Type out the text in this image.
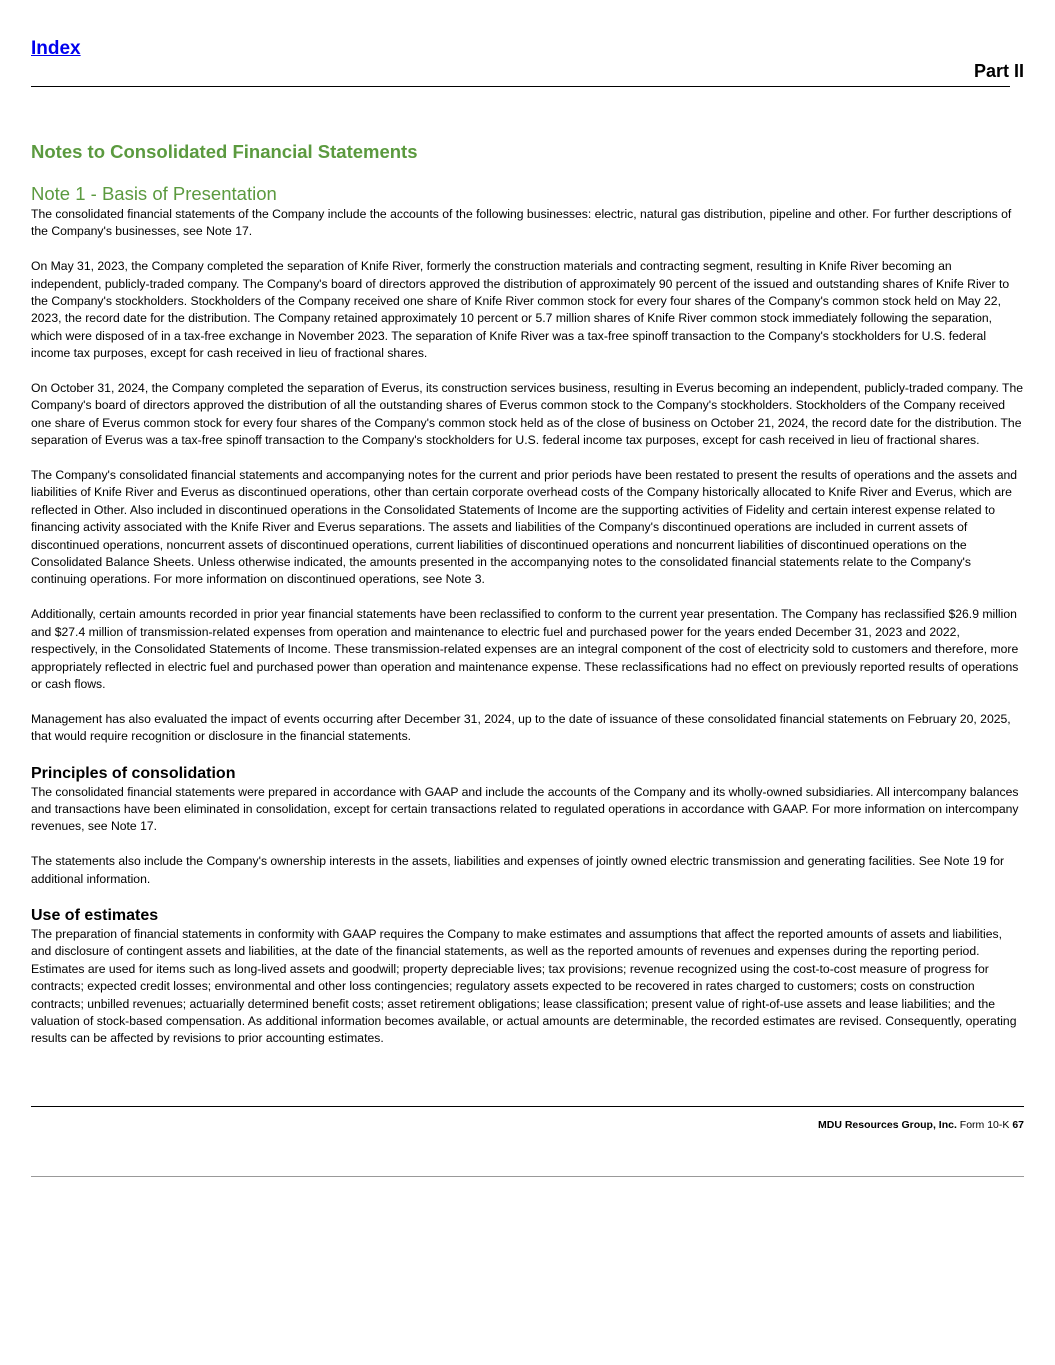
Index
Part II
Notes to Consolidated Financial Statements
Note 1 - Basis of Presentation

The consolidated financial statements of the Company include the accounts of the following businesses: electric, natural gas distribution, pipeline and other. For further descriptions of the Company's businesses, see Note 17.

On May 31, 2023, the Company completed the separation of Knife River, formerly the construction materials and contracting segment, resulting in Knife River becoming an independent, publicly-traded company. The Company's board of directors approved the distribution of approximately 90 percent of the issued and outstanding shares of Knife River to the Company's stockholders. Stockholders of the Company received one share of Knife River common stock for every four shares of the Company's common stock held on May 22, 2023, the record date for the distribution. The Company retained approximately 10 percent or 5.7 million shares of Knife River common stock immediately following the separation, which were disposed of in a tax-free exchange in November 2023. The separation of Knife River was a tax-free spinoff transaction to the Company's stockholders for U.S. federal income tax purposes, except for cash received in lieu of fractional shares.

On October 31, 2024, the Company completed the separation of Everus, its construction services business, resulting in Everus becoming an independent, publicly-traded company. The Company's board of directors approved the distribution of all the outstanding shares of Everus common stock to the Company's stockholders. Stockholders of the Company received one share of Everus common stock for every four shares of the Company's common stock held as of the close of business on October 21, 2024, the record date for the distribution. The separation of Everus was a tax-free spinoff transaction to the Company's stockholders for U.S. federal income tax purposes, except for cash received in lieu of fractional shares.

The Company's consolidated financial statements and accompanying notes for the current and prior periods have been restated to present the results of operations and the assets and liabilities of Knife River and Everus as discontinued operations, other than certain corporate overhead costs of the Company historically allocated to Knife River and Everus, which are reflected in Other. Also included in discontinued operations in the Consolidated Statements of Income are the supporting activities of Fidelity and certain interest expense related to financing activity associated with the Knife River and Everus separations. The assets and liabilities of the Company's discontinued operations are included in current assets of discontinued operations, noncurrent assets of discontinued operations, current liabilities of discontinued operations and noncurrent liabilities of discontinued operations on the Consolidated Balance Sheets. Unless otherwise indicated, the amounts presented in the accompanying notes to the consolidated financial statements relate to the Company's continuing operations. For more information on discontinued operations, see Note 3.

Additionally, certain amounts recorded in prior year financial statements have been reclassified to conform to the current year presentation. The Company has reclassified $26.9 million and $27.4 million of transmission-related expenses from operation and maintenance to electric fuel and purchased power for the years ended December 31, 2023 and 2022, respectively, in the Consolidated Statements of Income. These transmission-related expenses are an integral component of the cost of electricity sold to customers and therefore, more appropriately reflected in electric fuel and purchased power than operation and maintenance expense. These reclassifications had no effect on previously reported results of operations or cash flows.

Management has also evaluated the impact of events occurring after December 31, 2024, up to the date of issuance of these consolidated financial statements on February 20, 2025, that would require recognition or disclosure in the financial statements.

Principles of consolidation

The consolidated financial statements were prepared in accordance with GAAP and include the accounts of the Company and its wholly-owned subsidiaries. All intercompany balances and transactions have been eliminated in consolidation, except for certain transactions related to regulated operations in accordance with GAAP. For more information on intercompany revenues, see Note 17.

The statements also include the Company's ownership interests in the assets, liabilities and expenses of jointly owned electric transmission and generating facilities. See Note 19 for additional information.

Use of estimates

The preparation of financial statements in conformity with GAAP requires the Company to make estimates and assumptions that affect the reported amounts of assets and liabilities, and disclosure of contingent assets and liabilities, at the date of the financial statements, as well as the reported amounts of revenues and expenses during the reporting period. Estimates are used for items such as long-lived assets and goodwill; property depreciable lives; tax provisions; revenue recognized using the cost-to-cost measure of progress for contracts; expected credit losses; environmental and other loss contingencies; regulatory assets expected to be recovered in rates charged to customers; costs on construction contracts; unbilled revenues; actuarially determined benefit costs; asset retirement obligations; lease classification; present value of right-of-use assets and lease liabilities; and the valuation of stock-based compensation. As additional information becomes available, or actual amounts are determinable, the recorded estimates are revised. Consequently, operating results can be affected by revisions to prior accounting estimates.

MDU Resources Group, Inc. Form 10-K 67
